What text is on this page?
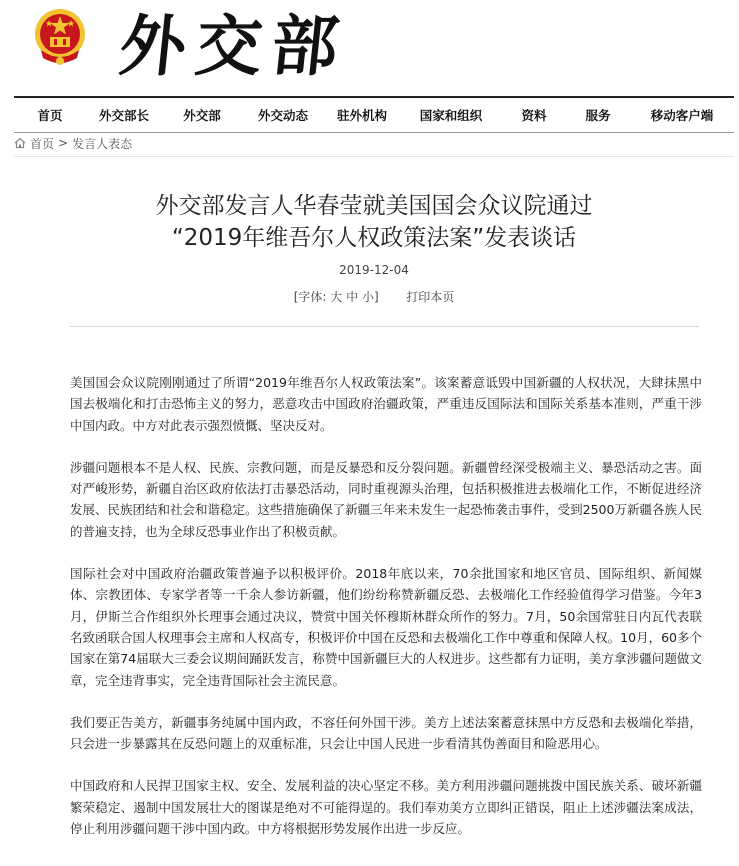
外交部
首页	外交部长	外交部	外交动态	驻外机构	国家和组织	资料	服务	移动客户端
首页 > 发言人表态
外交部发言人华春莹就美国国会众议院通过
“2019年维吾尔人权政策法案”发表谈话
2019-12-04
[字体: 大 中 小] 打印本页

美国国会众议院刚刚通过了所谓“2019年维吾尔人权政策法案”。该案蓄意诋毁中国新疆的人权状况，大肆抹黑中国去极端化和打击恐怖主义的努力，恶意攻击中国政府治疆政策，严重违反国际法和国际关系基本准则，严重干涉中国内政。中方对此表示强烈愤慨、坚决反对。

涉疆问题根本不是人权、民族、宗教问题，而是反暴恐和反分裂问题。新疆曾经深受极端主义、暴恐活动之害。面对严峻形势，新疆自治区政府依法打击暴恐活动，同时重视源头治理，包括积极推进去极端化工作，不断促进经济发展、民族团结和社会和谐稳定。这些措施确保了新疆三年来未发生一起恐怖袭击事件，受到2500万新疆各族人民的普遍支持，也为全球反恐事业作出了积极贡献。

国际社会对中国政府治疆政策普遍予以积极评价。2018年底以来，70余批国家和地区官员、国际组织、新闻媒体、宗教团体、专家学者等一千余人参访新疆，他们纷纷称赞新疆反恐、去极端化工作经验值得学习借鉴。今年3月，伊斯兰合作组织外长理事会通过决议，赞赏中国关怀穆斯林群众所作的努力。7月，50余国常驻日内瓦代表联名致函联合国人权理事会主席和人权高专，积极评价中国在反恐和去极端化工作中尊重和保障人权。10月，60多个国家在第74届联大三委会议期间踊跃发言，称赞中国新疆巨大的人权进步。这些都有力证明，美方拿涉疆问题做文章，完全违背事实，完全违背国际社会主流民意。

我们要正告美方，新疆事务纯属中国内政，不容任何外国干涉。美方上述法案蓄意抹黑中方反恐和去极端化举措，只会进一步暴露其在反恐问题上的双重标准，只会让中国人民进一步看清其伪善面目和险恶用心。

中国政府和人民捍卫国家主权、安全、发展利益的决心坚定不移。美方利用涉疆问题挑拨中国民族关系、破坏新疆繁荣稳定、遏制中国发展壮大的图谋是绝对不可能得逞的。我们奉劝美方立即纠正错误，阻止上述涉疆法案成法，停止利用涉疆问题干涉中国内政。中方将根据形势发展作出进一步反应。
